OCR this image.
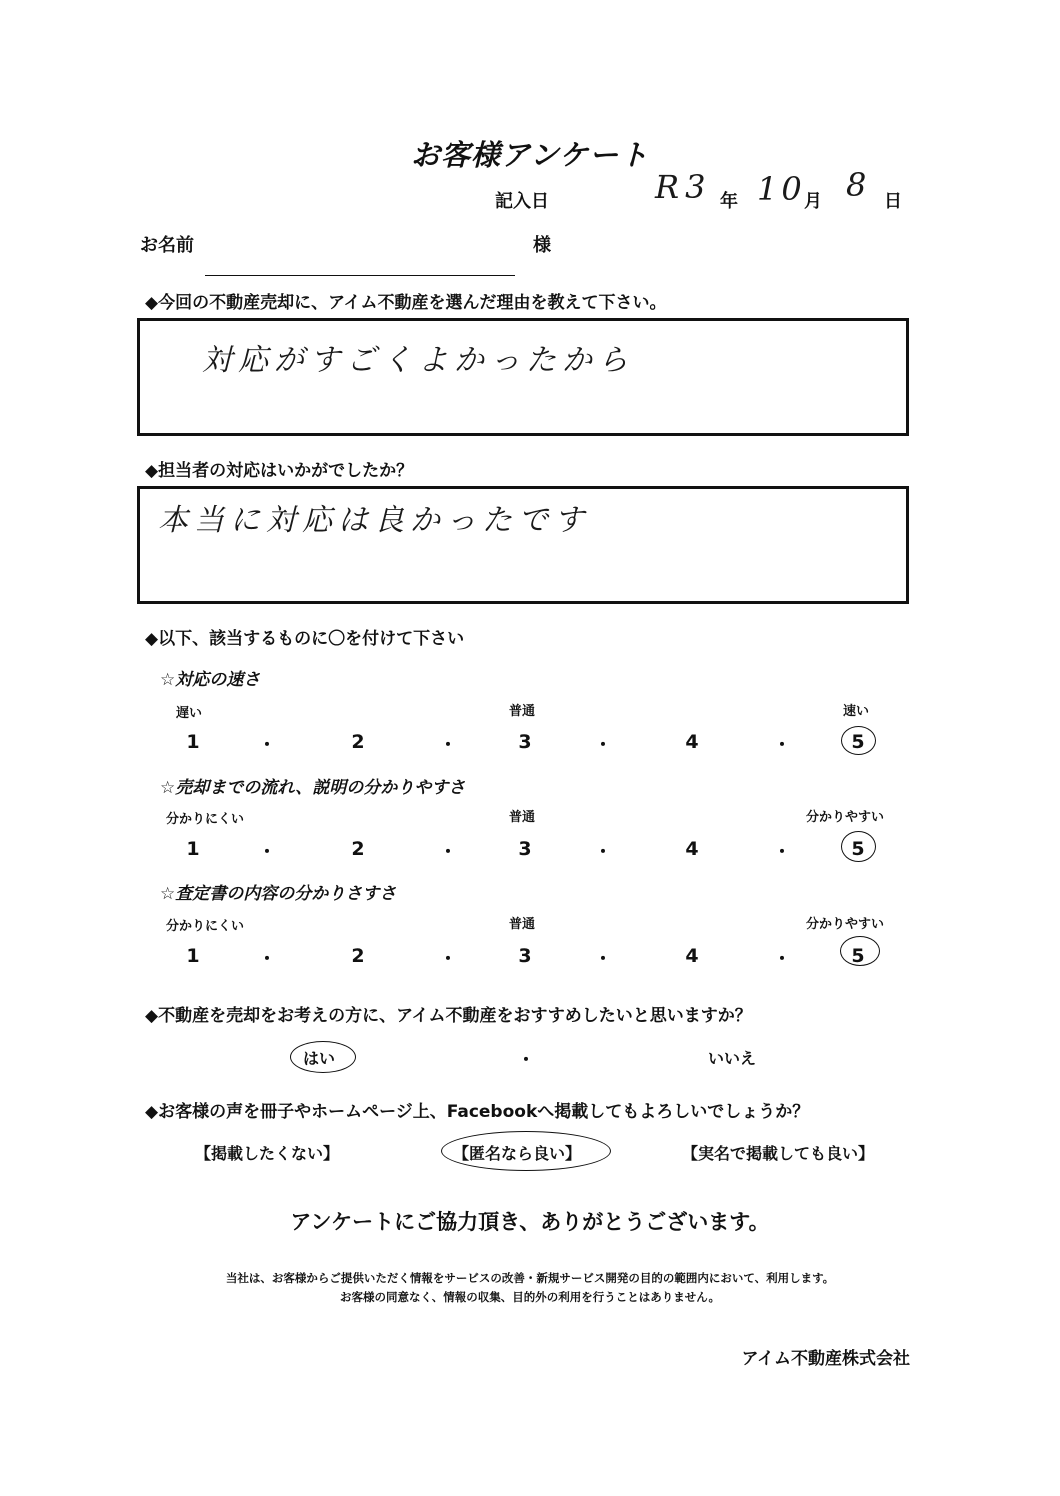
お客様アンケート
記入日	R3 年 10
月 8 日
お名前	様
◆今回の不動産売却に、アイム不動産を選んだ理由を教えて下さい。
対応がすごくよかったから
◆担当者の対応はいかがでしたか？
本当に対応は良かったです
◆以下、該当するものに〇を付けて下さい
☆対応の速さ
遅い	普通	速い
1	・	2	・	3	・	4	・	5
☆売却までの流れ、説明の分かりやすさ
分かりにくい	普通	分かりやすい
1	・	2	・	3	・	4	・	5
☆査定書の内容の分かりさすさ
分かりにくい	普通	分かりやすい
1	・	2	・	3	・	4	・	5
◆不動産を売却をお考えの方に、アイム不動産をおすすめしたいと思いますか？
はい	・	いいえ
◆お客様の声を冊子やホームページ上、Facebookへ掲載してもよろしいでしょうか？
【掲載したくない】	【匿名なら良い】	【実名で掲載しても良い】
アンケートにご協力頂き、ありがとうございます。
当社は、お客様からご提供いただく情報をサービスの改善・新規サービス開発の目的の範囲内において、利用します。
お客様の同意なく、情報の収集、目的外の利用を行うことはありません。
アイム不動産株式会社
